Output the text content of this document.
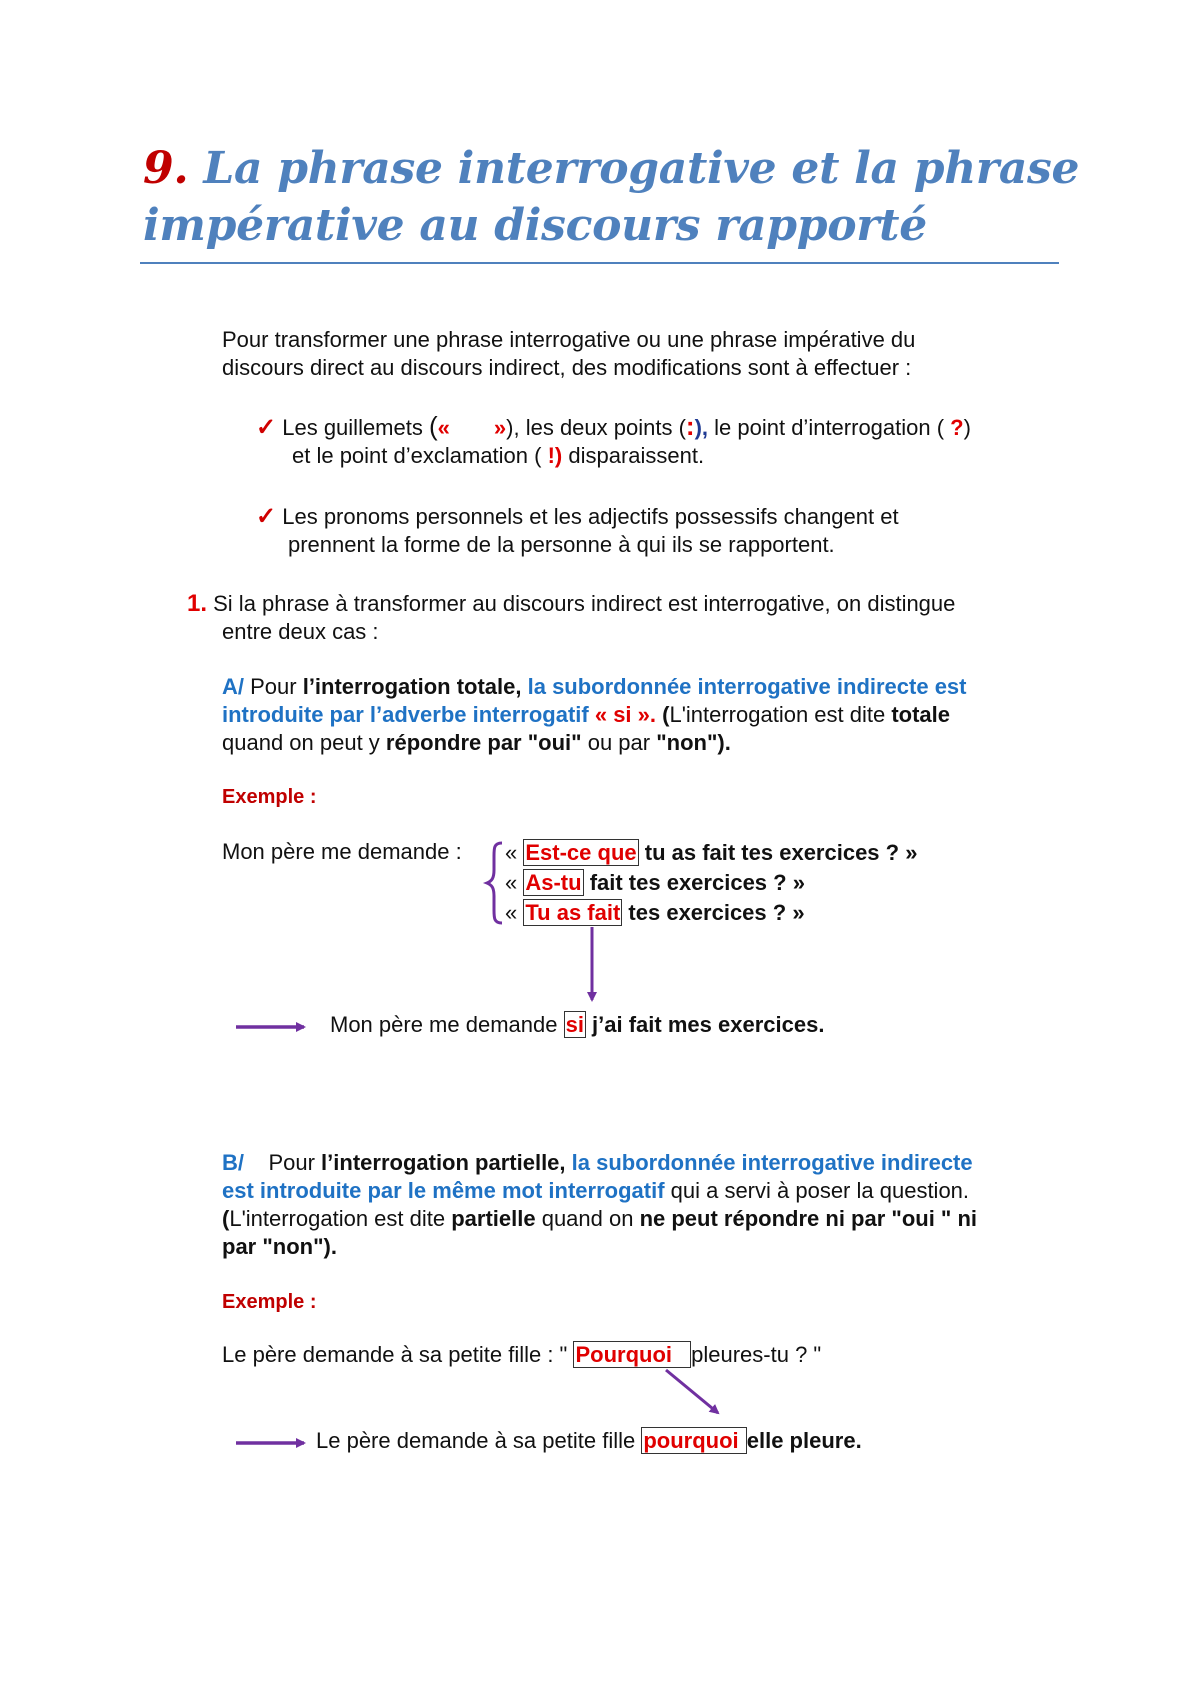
9. La phrase interrogative et la phrase
impérative au discours rapporté
Pour transformer une phrase interrogative ou une phrase impérative du
discours direct au discours indirect, des modifications sont à effectuer :
✓ Les guillemets (« »), les deux points (:), le point d’interrogation ( ?)
et le point d’exclamation ( !) disparaissent.
✓ Les pronoms personnels et les adjectifs possessifs changent et
prennent la forme de la personne à qui ils se rapportent.
1. Si la phrase à transformer au discours indirect est interrogative, on distingue
entre deux cas :
A/ Pour l’interrogation totale, la subordonnée interrogative indirecte est
introduite par l’adverbe interrogatif « si ». (L'interrogation est dite totale
quand on peut y répondre par "oui" ou par "non").
Exemple :
Mon père me demande : « Est-ce que tu as fait tes exercices ? »
« As-tu fait tes exercices ? »
« Tu as fait tes exercices ? »
Mon père me demande si j’ai fait mes exercices.
B/    Pour l’interrogation partielle, la subordonnée interrogative indirecte
est introduite par le même mot interrogatif qui a servi à poser la question.
(L'interrogation est dite partielle quand on ne peut répondre ni par "oui " ni
par "non").
Exemple :
Le père demande à sa petite fille : " Pourquoi pleures-tu ? "
Le père demande à sa petite fille pourquoi elle pleure.
